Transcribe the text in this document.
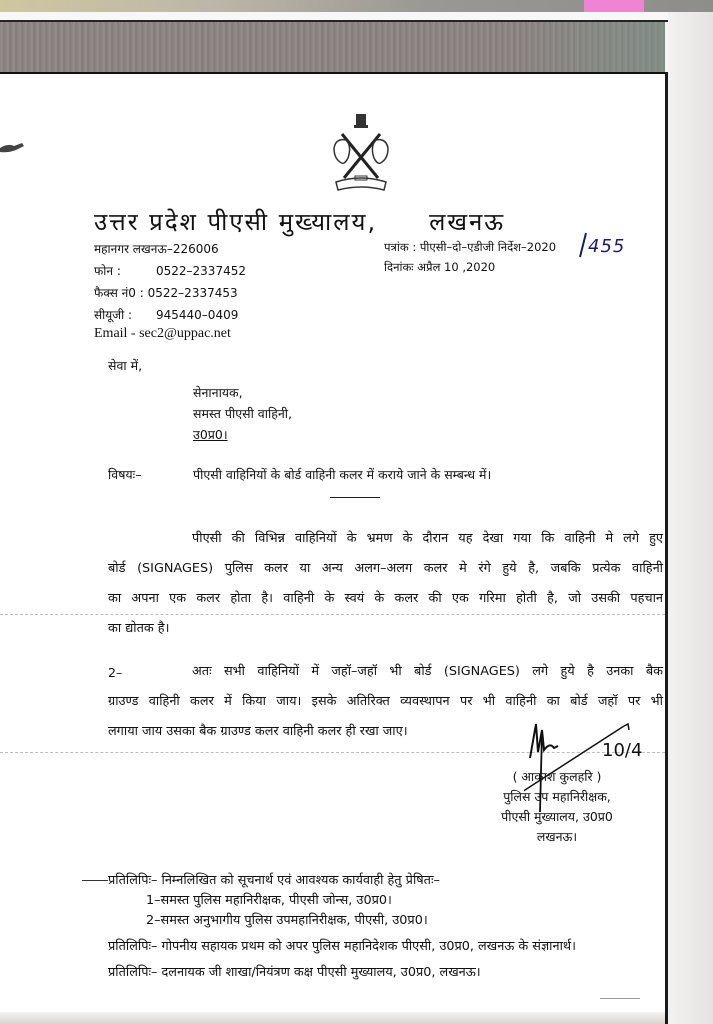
उत्तर प्रदेश पीएसी मुख्यालय, लखनऊ
महानगर लखनऊ–226006
फोन :	0522–2337452
फैक्स नं0 : 0522–2337453
सीयूजी : 945440–0409
Email - sec2@uppac.net
पत्रांक : पीएसी–दो–एडीजी निर्देश–2020 455
दिनांकः अप्रैल 10 ,2020
सेवा में,
सेनानायक,
समस्त पीएसी वाहिनी,
उ0प्र0।
विषयः–	पीएसी वाहिनियों के बोर्ड वाहिनी कलर में कराये जाने के सम्बन्ध में।
पीएसी की विभिन्न वाहिनियों के भ्रमण के दौरान यह देखा गया कि वाहिनी मे लगे हुए
बोर्ड (SIGNAGES) पुलिस कलर या अन्य अलग–अलग कलर मे रंगे हुये है, जबकि प्रत्येक वाहिनी
का अपना एक कलर होता है। वाहिनी के स्वयं के कलर की एक गरिमा होती है, जो उसकी पहचान
का द्योतक है।
2–	अतः सभी वाहिनियों में जहॉ–जहॉ भी बोर्ड (SIGNAGES) लगे हुये है उनका बैक
ग्राउण्ड वाहिनी कलर में किया जाय। इसके अतिरिक्त व्यवस्थापन पर भी वाहिनी का बोर्ड जहॉ पर भी
लगाया जाय उसका बैक ग्राउण्ड कलर वाहिनी कलर ही रखा जाए।
10/4
( आकाश कुलहरि )
पुलिस उप महानिरीक्षक,
पीएसी मुख्यालय, उ0प्र0
लखनऊ।
प्रतिलिपिः– निम्नलिखित को सूचनार्थ एवं आवश्यक कार्यवाही हेतु प्रेषितः–
1–समस्त पुलिस महानिरीक्षक, पीएसी जोन्स, उ0प्र0।
2–समस्त अनुभागीय पुलिस उपमहानिरीक्षक, पीएसी, उ0प्र0।
प्रतिलिपिः– गोपनीय सहायक प्रथम को अपर पुलिस महानिदेशक पीएसी, उ0प्र0, लखनऊ के संज्ञानार्थ।
प्रतिलिपिः– दलनायक जी शाखा/नियंत्रण कक्ष पीएसी मुख्यालय, उ0प्र0, लखनऊ।
